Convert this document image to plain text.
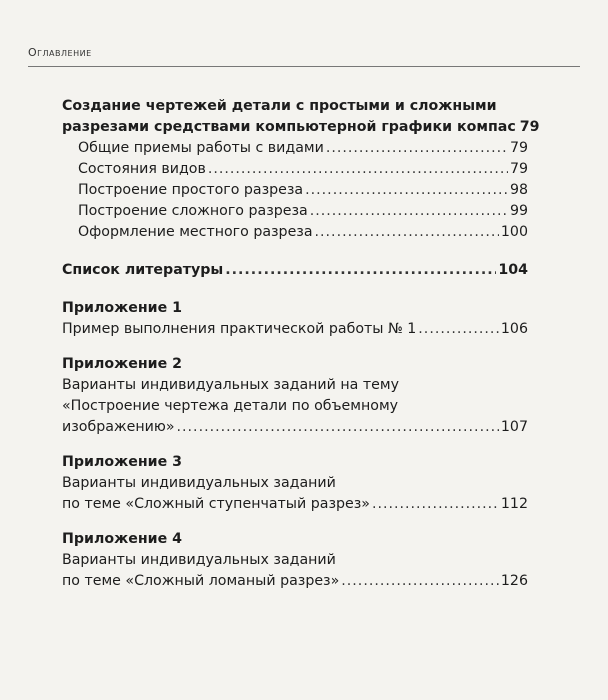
Оглавление
Создание чертежей детали с простыми и сложными
разрезами средствами компьютерной графики компас 79
Общие приемы работы с видами .....	79
Состояния видов .....	79
Построение простого разреза .....	98
Построение сложного разреза .....	99
Оформление местного разреза .....	100
Список литературы .....	104
Приложение 1
Пример выполнения практической работы № 1 .....	106
Приложение 2
Варианты индивидуальных заданий на тему
«Построение чертежа детали по объемному
изображению» .....	107
Приложение 3
Варианты индивидуальных заданий
по теме «Сложный ступенчатый разрез» .....	112
Приложение 4
Варианты индивидуальных заданий
по теме «Сложный ломаный разрез» .....	126
